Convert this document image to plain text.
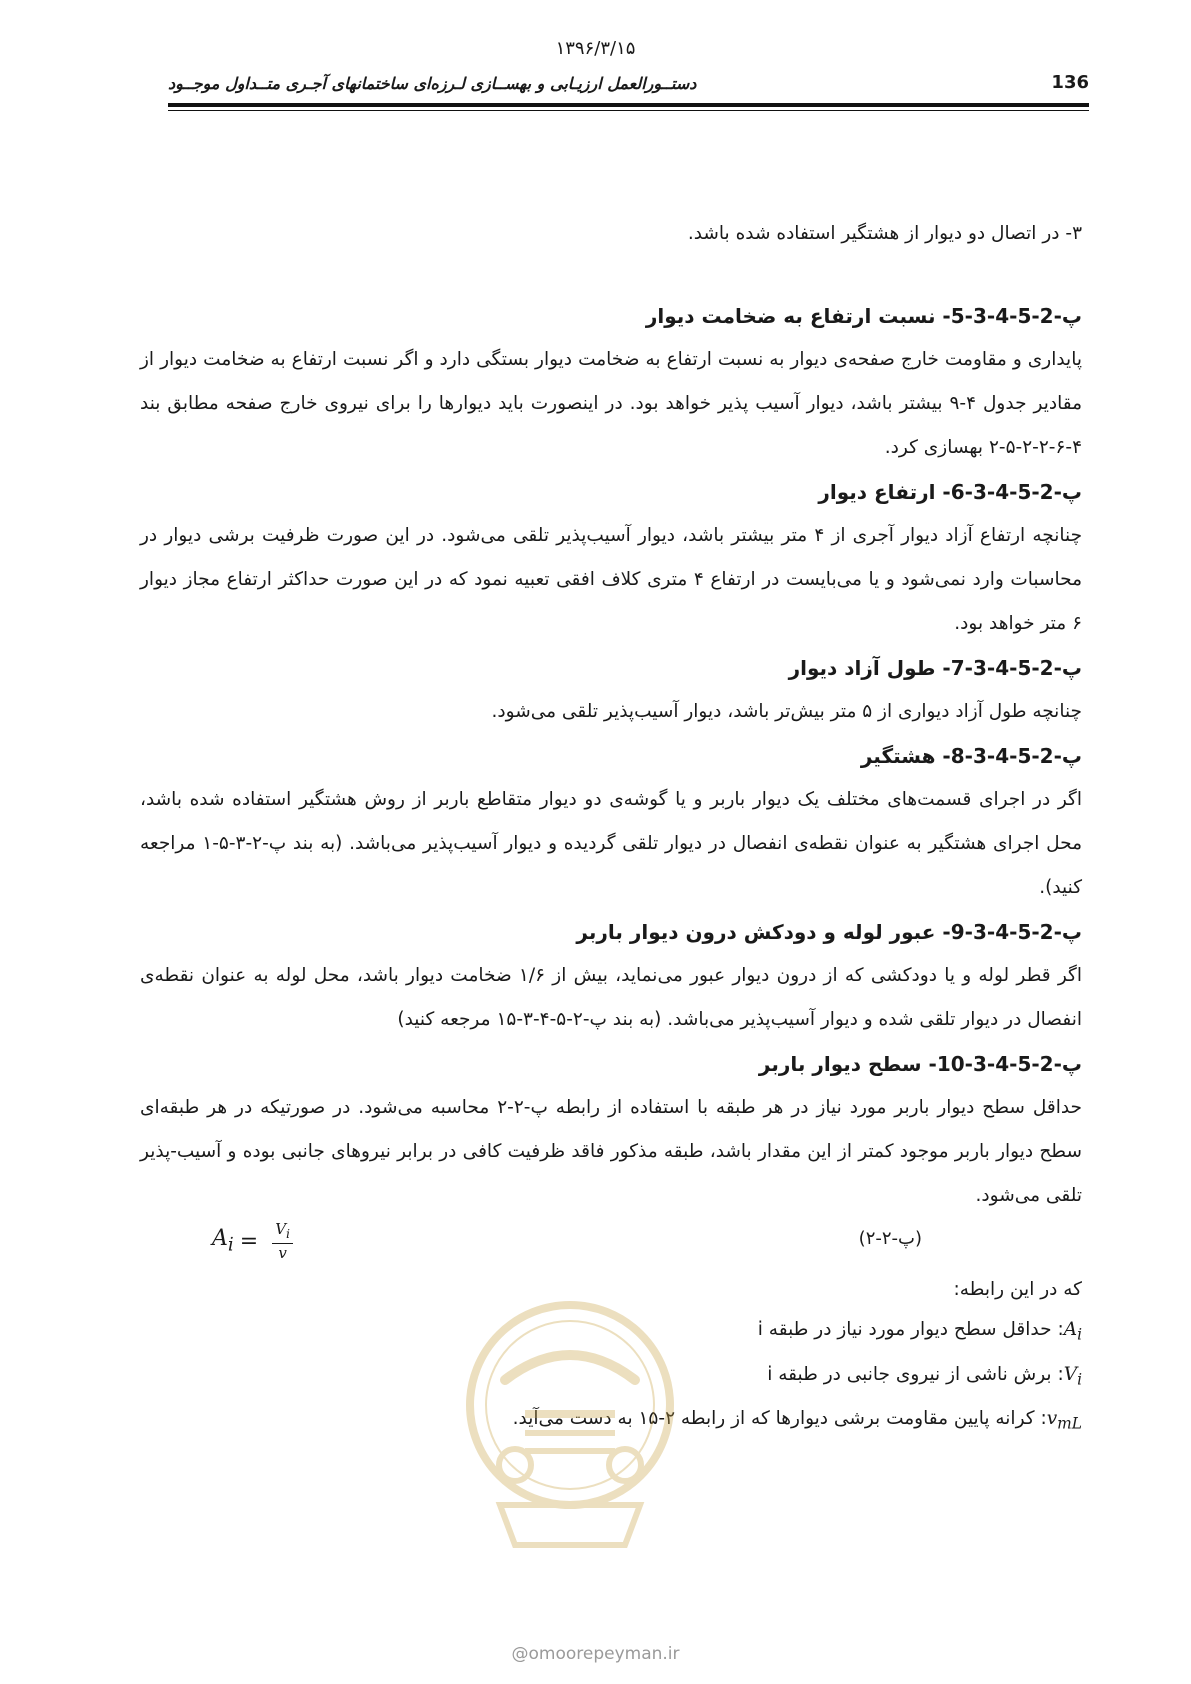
۱۳۹۶/۳/۱۵
دستــورالعمل ارزیـابی و بهســازی لـرزه‌ای ساختمانهای آجـری متــداول موجــود	136

۳- در اتصال دو دیوار از هشتگیر استفاده شده باشد.

پ-2-5-4-3-5- نسبت ارتفاع به ضخامت دیوار

پایداری و مقاومت خارج صفحه‌ی دیوار به نسبت ارتفاع به ضخامت دیوار بستگی دارد و اگر نسبت ارتفاع به ضخامت دیوار از مقادیر جدول ۴-۹ بیشتر باشد، دیوار آسیب پذیر خواهد بود. در اینصورت باید دیوارها را برای نیروی خارج صفحه مطابق بند ۴-۶-۲-۲-۵-۲ بهسازی کرد.

پ-2-5-4-3-6- ارتفاع دیوار

چنانچه ارتفاع آزاد دیوار آجری از ۴ متر بیشتر باشد، دیوار آسیب‌پذیر تلقی می‌شود. در این صورت ظرفیت برشی دیوار در محاسبات وارد نمی‌شود و یا می‌بایست در ارتفاع ۴ متری کلاف افقی تعبیه نمود که در این صورت حداکثر ارتفاع مجاز دیوار ۶ متر خواهد بود.

پ-2-5-4-3-7- طول آزاد دیوار

چنانچه طول آزاد دیواری از ۵ متر بیش‌تر باشد، دیوار آسیب‌پذیر تلقی می‌شود.

پ-2-5-4-3-8- هشتگیر

اگر در اجرای قسمت‌های مختلف یک دیوار باربر و یا گوشه‌ی دو دیوار متقاطع باربر از روش هشتگیر استفاده شده باشد، محل اجرای هشتگیر به عنوان نقطه‌ی انفصال در دیوار تلقی گردیده و دیوار آسیب‌پذیر می‌باشد. (به بند پ-۲-۳-۵-۱ مراجعه کنید).

پ-2-5-4-3-9- عبور لوله و دودکش درون دیوار باربر

اگر قطر لوله و یا دودکشی که از درون دیوار عبور می‌نماید، بیش از ۱/۶ ضخامت دیوار باشد، محل لوله به عنوان نقطه‌ی انفصال در دیوار تلقی شده و دیوار آسیب‌پذیر می‌باشد. (به بند پ-۲-۵-۴-۳-۱۵ مرجعه کنید)

پ-2-5-4-3-10- سطح دیوار باربر

حداقل سطح دیوار باربر مورد نیاز در هر طبقه با استفاده از رابطه پ-۲-۲ محاسبه می‌شود. در صورتیکه در هر طبقه‌ای سطح دیوار باربر موجود کمتر از این مقدار باشد، طبقه مذکور فاقد ظرفیت کافی در برابر نیروهای جانبی بوده و آسیب-پذیر تلقی می‌شود.

(پ-۲-۲)
$A_i = \frac{V_i}{v}$

که در این رابطه:

$A_i$: حداقل سطح دیوار مورد نیاز در طبقه i

$V_i$: برش ناشی از نیروی جانبی در طبقه i

$v_{mL}$: کرانه پایین مقاومت برشی دیوارها که از رابطه ۲-۱۵ به دست می‌آید.

@omoorepeyman.ir
